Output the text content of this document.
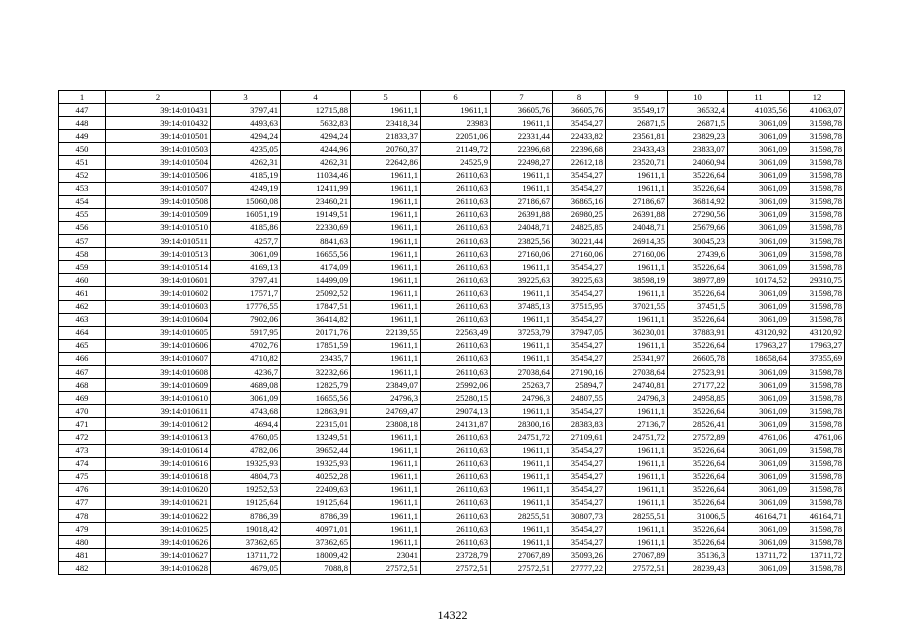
1	2	3	4	5	6	7	8	9	10	11	12
447	39:14:010431	3797,41	12715,88	19611,1	19611,1	36605,76	36605,76	35549,17	36532,4	41035,56	41063,07
448	39:14:010432	4493,63	5632,83	23418,34	23983	19611,1	35454,27	26871,5	26871,5	3061,09	31598,78
449	39:14:010501	4294,24	4294,24	21833,37	22051,06	22331,44	22433,82	23561,81	23829,23	3061,09	31598,78
450	39:14:010503	4235,05	4244,96	20760,37	21149,72	22396,68	22396,68	23433,43	23833,07	3061,09	31598,78
451	39:14:010504	4262,31	4262,31	22642,86	24525,9	22498,27	22612,18	23520,71	24060,94	3061,09	31598,78
452	39:14:010506	4185,19	11034,46	19611,1	26110,63	19611,1	35454,27	19611,1	35226,64	3061,09	31598,78
453	39:14:010507	4249,19	12411,99	19611,1	26110,63	19611,1	35454,27	19611,1	35226,64	3061,09	31598,78
454	39:14:010508	15060,08	23460,21	19611,1	26110,63	27186,67	36865,16	27186,67	36814,92	3061,09	31598,78
455	39:14:010509	16051,19	19149,51	19611,1	26110,63	26391,88	26980,25	26391,88	27290,56	3061,09	31598,78
456	39:14:010510	4185,86	22330,69	19611,1	26110,63	24048,71	24825,85	24048,71	25679,66	3061,09	31598,78
457	39:14:010511	4257,7	8841,63	19611,1	26110,63	23825,56	30221,44	26914,35	30045,23	3061,09	31598,78
458	39:14:010513	3061,09	16655,56	19611,1	26110,63	27160,06	27160,06	27160,06	27439,6	3061,09	31598,78
459	39:14:010514	4169,13	4174,09	19611,1	26110,63	19611,1	35454,27	19611,1	35226,64	3061,09	31598,78
460	39:14:010601	3797,41	14499,09	19611,1	26110,63	39225,63	39225,63	38598,19	38977,89	10174,52	29310,75
461	39:14:010602	17571,7	25092,52	19611,1	26110,63	19611,1	35454,27	19611,1	35226,64	3061,09	31598,78
462	39:14:010603	17776,55	17847,51	19611,1	26110,63	37485,13	37515,95	37021,55	37451,5	3061,09	31598,78
463	39:14:010604	7902,06	36414,82	19611,1	26110,63	19611,1	35454,27	19611,1	35226,64	3061,09	31598,78
464	39:14:010605	5917,95	20171,76	22139,55	22563,49	37253,79	37947,05	36230,01	37883,91	43120,92	43120,92
465	39:14:010606	4702,76	17851,59	19611,1	26110,63	19611,1	35454,27	19611,1	35226,64	17963,27	17963,27
466	39:14:010607	4710,82	23435,7	19611,1	26110,63	19611,1	35454,27	25341,97	26605,78	18658,64	37355,69
467	39:14:010608	4236,7	32232,66	19611,1	26110,63	27038,64	27190,16	27038,64	27523,91	3061,09	31598,78
468	39:14:010609	4689,08	12825,79	23849,07	25992,06	25263,7	25894,7	24740,81	27177,22	3061,09	31598,78
469	39:14:010610	3061,09	16655,56	24796,3	25280,15	24796,3	24807,55	24796,3	24958,85	3061,09	31598,78
470	39:14:010611	4743,68	12863,91	24769,47	29074,13	19611,1	35454,27	19611,1	35226,64	3061,09	31598,78
471	39:14:010612	4694,4	22315,01	23808,18	24131,87	28300,16	28383,83	27136,7	28526,41	3061,09	31598,78
472	39:14:010613	4760,05	13249,51	19611,1	26110,63	24751,72	27109,61	24751,72	27572,89	4761,06	4761,06
473	39:14:010614	4782,06	39652,44	19611,1	26110,63	19611,1	35454,27	19611,1	35226,64	3061,09	31598,78
474	39:14:010616	19325,93	19325,93	19611,1	26110,63	19611,1	35454,27	19611,1	35226,64	3061,09	31598,78
475	39:14:010618	4804,73	40252,28	19611,1	26110,63	19611,1	35454,27	19611,1	35226,64	3061,09	31598,78
476	39:14:010620	19252,53	22409,63	19611,1	26110,63	19611,1	35454,27	19611,1	35226,64	3061,09	31598,78
477	39:14:010621	19125,64	19125,64	19611,1	26110,63	19611,1	35454,27	19611,1	35226,64	3061,09	31598,78
478	39:14:010622	8786,39	8786,39	19611,1	26110,63	28255,51	30807,73	28255,51	31006,5	46164,71	46164,71
479	39:14:010625	19018,42	40971,01	19611,1	26110,63	19611,1	35454,27	19611,1	35226,64	3061,09	31598,78
480	39:14:010626	37362,65	37362,65	19611,1	26110,63	19611,1	35454,27	19611,1	35226,64	3061,09	31598,78
481	39:14:010627	13711,72	18009,42	23041	23728,79	27067,89	35093,26	27067,89	35136,3	13711,72	13711,72
482	39:14:010628	4679,05	7088,8	27572,51	27572,51	27572,51	27777,22	27572,51	28239,43	3061,09	31598,78
14322
